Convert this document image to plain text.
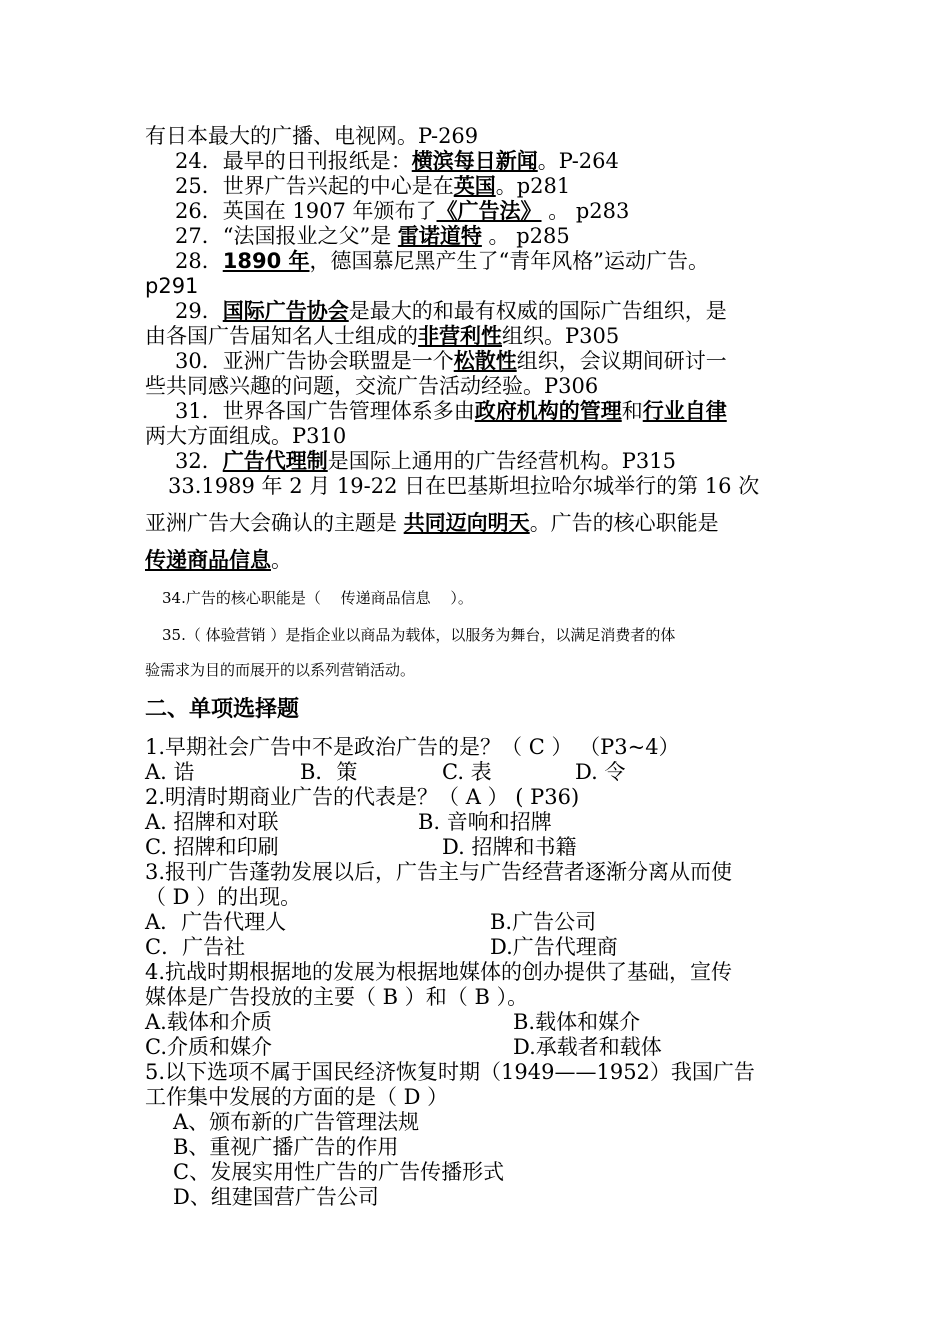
有日本最大的广播、电视网。P-269
24．最早的日刊报纸是：横滨每日新闻。P-264
25．世界广告兴起的中心是在英国。p281
26．英国在 1907 年颁布了《广告法》 。 p283
27．“法国报业之父”是 雷诺道特 。 p285
28．1890 年，德国慕尼黑产生了“青年风格”运动广告。
p291
29．国际广告协会是最大的和最有权威的国际广告组织，是
由各国广告届知名人士组成的非营利性组织。P305
30．亚洲广告协会联盟是一个松散性组织，会议期间研讨一
些共同感兴趣的问题，交流广告活动经验。P306
31．世界各国广告管理体系多由政府机构的管理和行业自律
两大方面组成。P310
32．广告代理制是国际上通用的广告经营机构。P315
33.1989 年 2 月 19-22 日在巴基斯坦拉哈尔城举行的第 16 次
亚洲广告大会确认的主题是 共同迈向明天。广告的核心职能是
传递商品信息。
34.广告的核心职能是（　 传递商品信息　 ）。
35.（ 体验营销 ）是指企业以商品为载体，以服务为舞台，以满足消费者的体
验需求为目的而展开的以系列营销活动。
二、单项选择题
1.早期社会广告中不是政治广告的是？（ C ） （P3~4）
A. 诰	B．策	C. 表	D. 令
2.明清时期商业广告的代表是？（ A ） ( P36)
A. 招牌和对联	B. 音响和招牌
C. 招牌和印刷	D. 招牌和书籍
3.报刊广告蓬勃发展以后，广告主与广告经营者逐渐分离从而使
（ D ）的出现。
A．广告代理人	B.广告公司
C．广告社	D.广告代理商
4.抗战时期根据地的发展为根据地媒体的创办提供了基础，宣传
媒体是广告投放的主要（ B ）和（ B ）。
A.载体和介质	B.载体和媒介
C.介质和媒介	D.承载者和载体
5.以下选项不属于国民经济恢复时期（1949——1952）我国广告
工作集中发展的方面的是（ D ）
A、颁布新的广告管理法规
B、重视广播广告的作用
C、发展实用性广告的广告传播形式
D、组建国营广告公司
